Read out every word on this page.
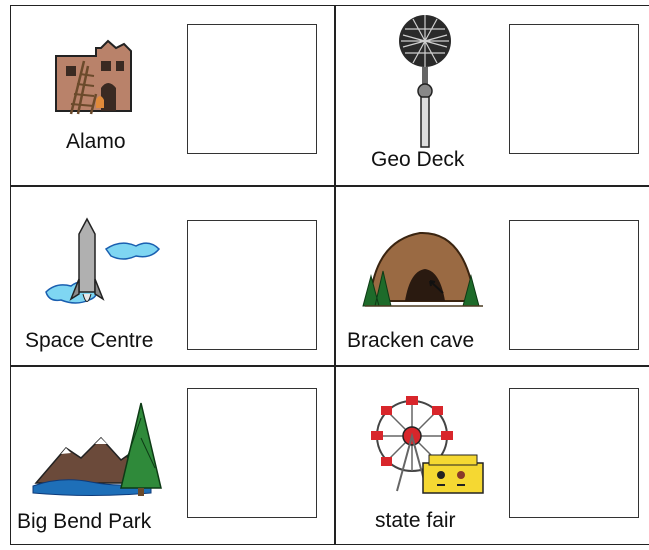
Alamo
Geo Deck
Space Centre	Bracken cave
Big Bend Park	state fair
